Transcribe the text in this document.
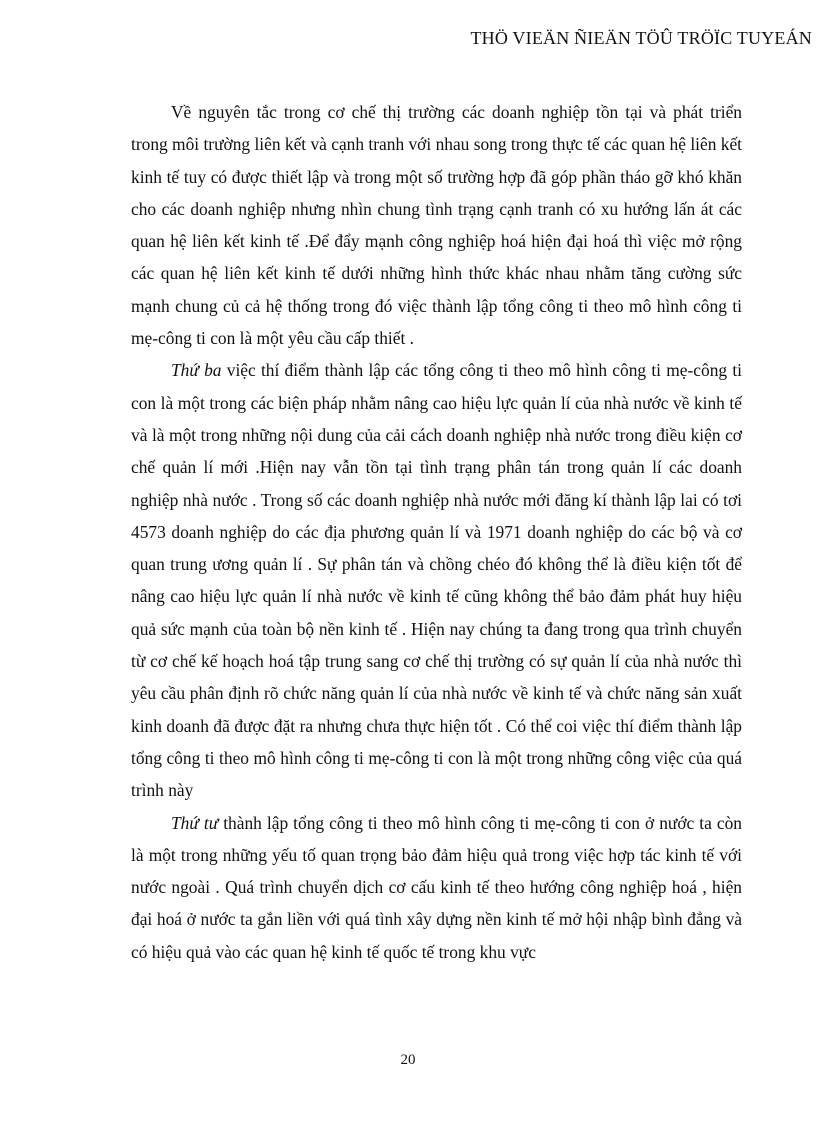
THÖ VIEÄN ÑIEÄN TÖÛ TRÖÏC TUYEÁN

Về nguyên tắc trong cơ chế thị trường các doanh nghiệp tồn tại và phát triển trong môi trường liên kết và cạnh tranh với nhau song trong thực tế các quan hệ liên kết kinh tế tuy có được thiết lập và trong một số trường hợp đã góp phần tháo gỡ khó khăn cho các doanh nghiệp nhưng nhìn chung tình trạng cạnh tranh có xu hướng lấn át các quan hệ liên kết kinh tế .Để đẩy mạnh công nghiệp hoá hiện đại hoá thì việc mở rộng các quan hệ liên kết kinh tế dưới những hình thức khác nhau nhằm tăng cường sức mạnh chung củ cả hệ thống trong đó việc thành lập tổng công ti theo mô hình công ti mẹ-công ti con là một yêu cầu cấp thiết .

Thứ ba việc thí điểm thành lập các tổng công ti theo mô hình công ti mẹ-công ti con là một trong các biện pháp nhằm nâng cao hiệu lực quản lí của nhà nước về kinh tế và là một trong những nội dung của cải cách doanh nghiệp nhà nước trong điều kiện cơ chế quản lí mới .Hiện nay vẫn tồn tại tình trạng phân tán trong quản lí các doanh nghiệp nhà nước . Trong số các doanh nghiệp nhà nước mới đăng kí thành lập lai có tơi 4573 doanh nghiệp do các địa phương quản lí và 1971 doanh nghiệp do các bộ và cơ quan trung ương quản lí . Sự phân tán và chồng chéo đó không thể là điều kiện tốt để nâng cao hiệu lực quản lí nhà nước về kinh tế cũng không thể bảo đảm phát huy hiệu quả sức mạnh của toàn bộ nền kinh tế . Hiện nay chúng ta đang trong qua trình chuyển từ cơ chế kế hoạch hoá tập trung sang cơ chế thị trường có sự quản lí của nhà nước thì yêu cầu phân định rõ chức năng quản lí của nhà nước về kinh tế và chức năng sản xuất kinh doanh đã được đặt ra nhưng chưa thực hiện tốt . Có thể coi việc thí điểm thành lập tổng công ti theo mô hình công ti mẹ-công ti con là một trong những công việc của quá trình này

Thứ tư thành lập tổng công ti theo mô hình công ti mẹ-công ti con ở nước ta còn là một trong những yếu tố quan trọng bảo đảm hiệu quả trong việc hợp tác kinh tế với nước ngoài . Quá trình chuyển dịch cơ cấu kinh tế theo hướng công nghiệp hoá , hiện đại hoá ở nước ta gắn liền với quá tình xây dựng nền kinh tế mở hội nhập bình đẳng và có hiệu quả vào các quan hệ kinh tế quốc tế trong khu vực

20
